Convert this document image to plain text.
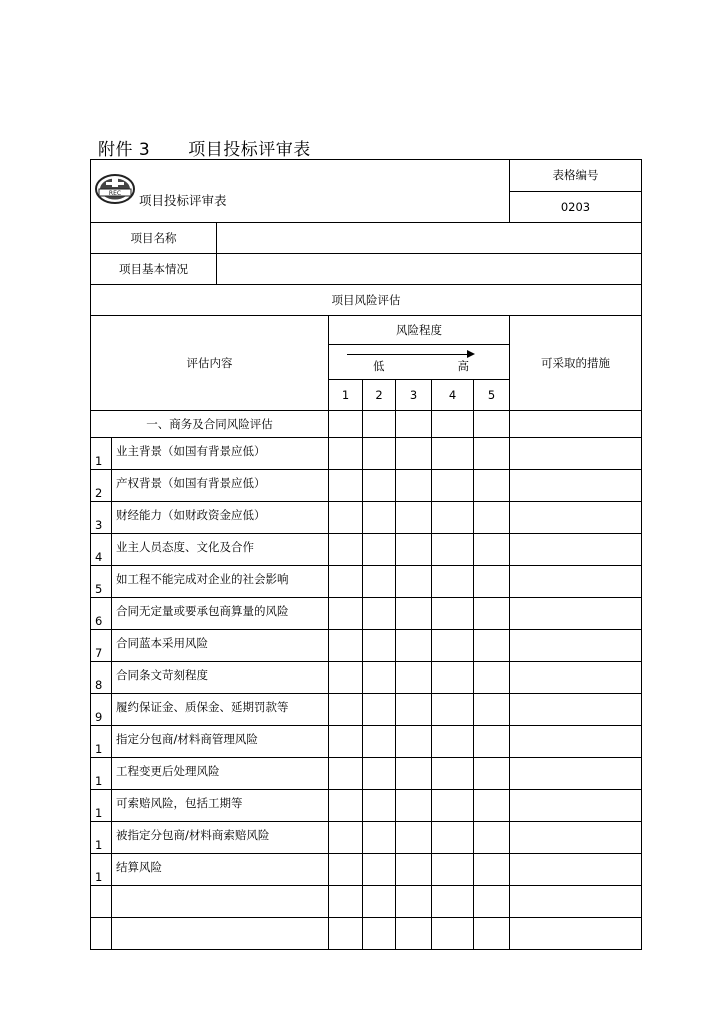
附件 3 项目投标评审表
REC 项目投标评审表								表格编号
								0203
项目名称								
项目基本情况								
项目风险评估								
评估内容			风险程度					可采取的措施

			低 高					

			1	2	3	4	5	
一、商务及合同风险评估								
1	业主背景（如国有背景应低）							
2	产权背景（如国有背景应低）							
3	财经能力（如财政资金应低）							
4	业主人员态度、文化及合作							
5	如工程不能完成对企业的社会影响							
6	合同无定量或要承包商算量的风险							
7	合同蓝本采用风险							
8	合同条文苛刻程度							
9	履约保证金、质保金、延期罚款等							
1	指定分包商/材料商管理风险							
1	工程变更后处理风险							
1	可索赔风险，包括工期等							
1	被指定分包商/材料商索赔风险							
1	结算风险							
